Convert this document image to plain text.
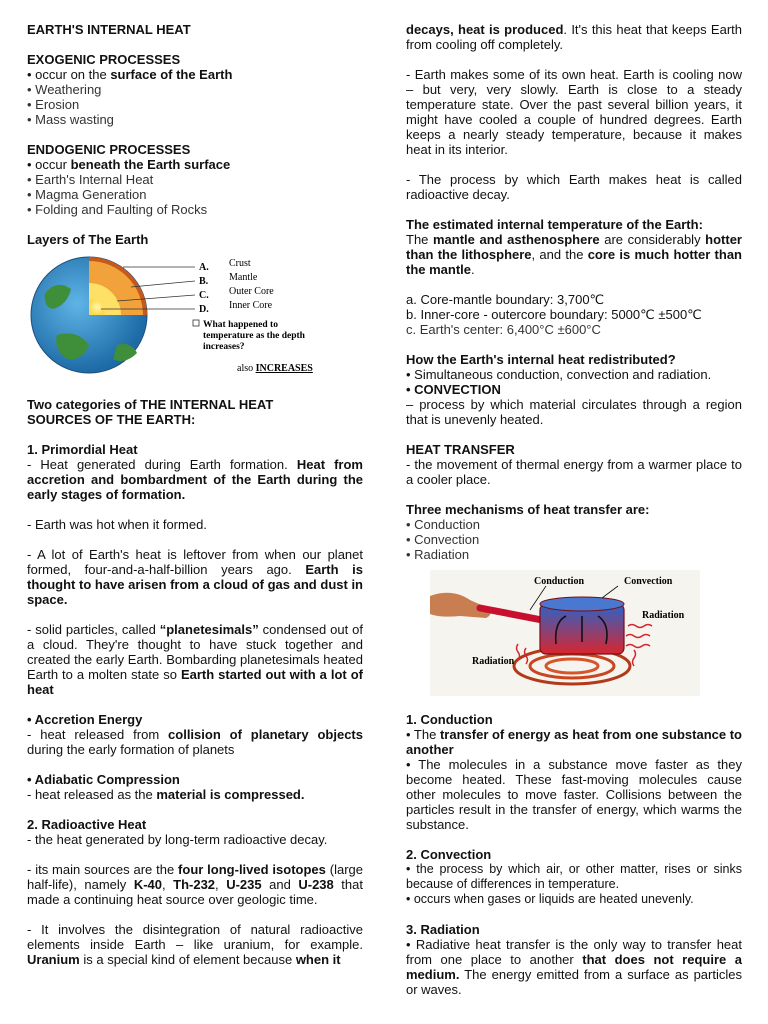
EARTH'S INTERNAL HEAT
EXOGENIC PROCESSES
• occur on the surface of the Earth
• Weathering
• Erosion
• Mass wasting
ENDOGENIC PROCESSES
• occur beneath the Earth surface
• Earth's Internal Heat
• Magma Generation
• Folding and Faulting of Rocks
Layers of The Earth
A.
B.
C.
D.
Crust
Mantle
Outer Core
Inner Core
What happened to
temperature as the depth
increases?
also INCREASES
Two categories of THE INTERNAL HEAT
SOURCES OF THE EARTH:
1. Primordial Heat
- Heat generated during Earth formation. Heat from accretion and bombardment of the Earth during the early stages of formation.
- Earth was hot when it formed.
- A lot of Earth's heat is leftover from when our planet formed, four-and-a-half-billion years ago. Earth is thought to have arisen from a cloud of gas and dust in space.
- solid particles, called “planetesimals” condensed out of a cloud. They're thought to have stuck together and created the early Earth. Bombarding planetesimals heated Earth to a molten state so Earth started out with a lot of heat
• Accretion Energy
- heat released from collision of planetary objects during the early formation of planets
• Adiabatic Compression
- heat released as the material is compressed.
2. Radioactive Heat
- the heat generated by long-term radioactive decay.
- its main sources are the four long-lived isotopes (large half-life), namely K-40, Th-232, U-235 and U-238 that made a continuing heat source over geologic time.
- It involves the disintegration of natural radioactive elements inside Earth – like uranium, for example. Uranium is a special kind of element because when it
decays, heat is produced. It's this heat that keeps Earth from cooling off completely.
- Earth makes some of its own heat. Earth is cooling now – but very, very slowly. Earth is close to a steady temperature state. Over the past several billion years, it might have cooled a couple of hundred degrees. Earth keeps a nearly steady temperature, because it makes heat in its interior.
- The process by which Earth makes heat is called radioactive decay.
The estimated internal temperature of the Earth:
The mantle and asthenosphere are considerably hotter than the lithosphere, and the core is much hotter than the mantle.
a. Core-mantle boundary: 3,700℃
b. Inner-core - outercore boundary: 5000℃ ±500℃
c. Earth's center: 6,400°C ±600°C
How the Earth's internal heat redistributed?
• Simultaneous conduction, convection and radiation.
• CONVECTION
– process by which material circulates through a region that is unevenly heated.
HEAT TRANSFER
- the movement of thermal energy from a warmer place to a cooler place.
Three mechanisms of heat transfer are:
• Conduction
• Convection
• Radiation
Conduction	Convection
Radiation
Radiation
1. Conduction
• The transfer of energy as heat from one substance to another
• The molecules in a substance move faster as they become heated. These fast-moving molecules cause other molecules to move faster. Collisions between the particles result in the transfer of energy, which warms the substance.
2. Convection
• the process by which air, or other matter, rises or sinks because of differences in temperature.
• occurs when gases or liquids are heated unevenly.
3. Radiation
• Radiative heat transfer is the only way to transfer heat from one place to another that does not require a medium. The energy emitted from a surface as particles or waves.
